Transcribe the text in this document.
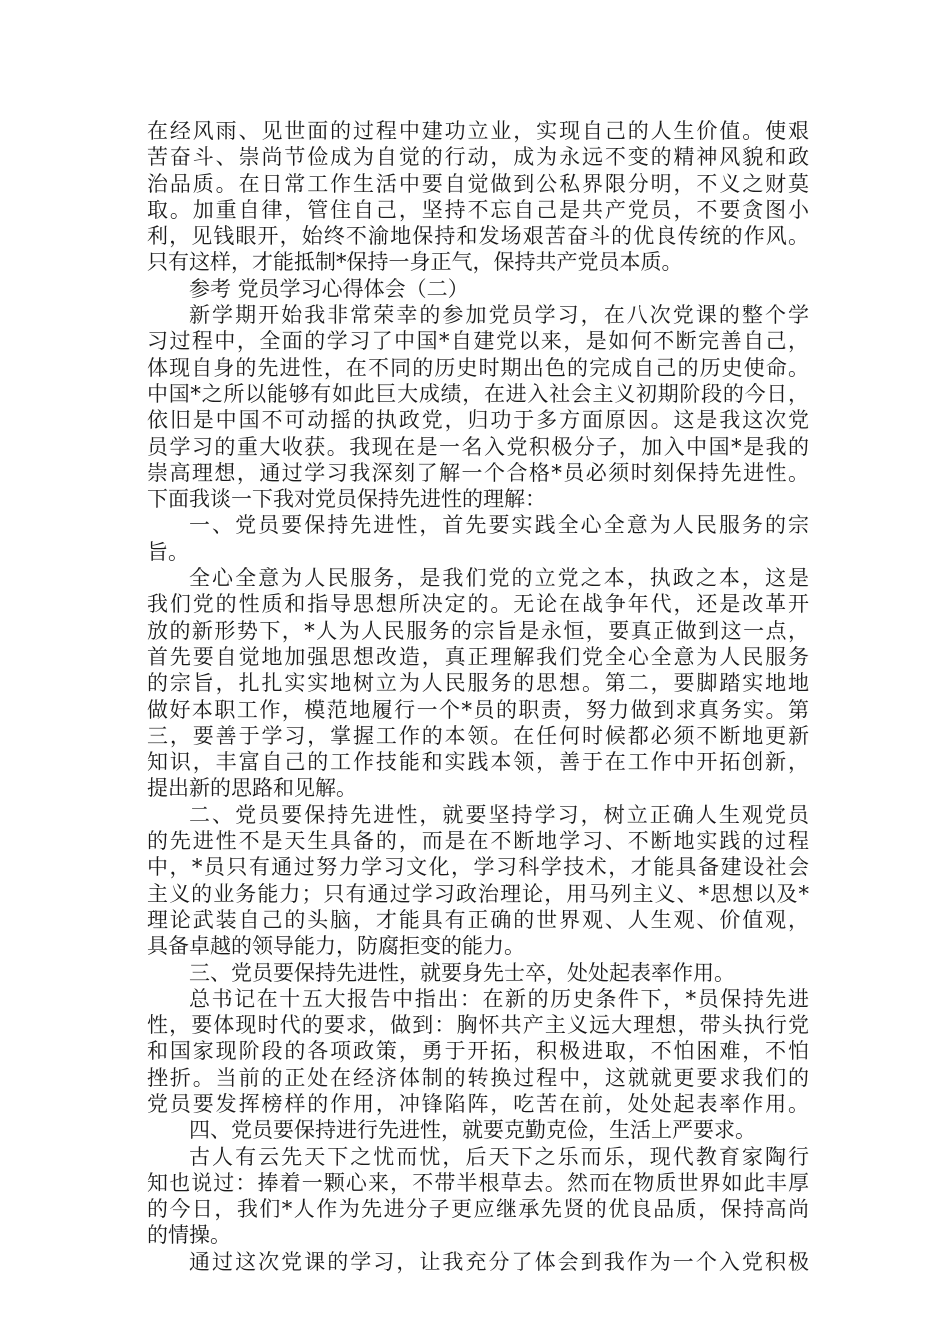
在经风雨、见世面的过程中建功立业，实现自己的人生价值。使艰
苦奋斗、崇尚节俭成为自觉的行动，成为永远不变的精神风貌和政
治品质。在日常工作生活中要自觉做到公私界限分明，不义之财莫
取。加重自律，管住自己，坚持不忘自己是共产党员，不要贪图小
利，见钱眼开，始终不渝地保持和发场艰苦奋斗的优良传统的作风。
只有这样，才能抵制*保持一身正气，保持共产党员本质。
参考 党员学习心得体会（二）
新学期开始我非常荣幸的参加党员学习，在八次党课的整个学
习过程中，全面的学习了中国*自建党以来，是如何不断完善自己，
体现自身的先进性，在不同的历史时期出色的完成自己的历史使命。
中国*之所以能够有如此巨大成绩，在进入社会主义初期阶段的今日，
依旧是中国不可动摇的执政党，归功于多方面原因。这是我这次党
员学习的重大收获。我现在是一名入党积极分子，加入中国*是我的
崇高理想，通过学习我深刻了解一个合格*员必须时刻保持先进性。
下面我谈一下我对党员保持先进性的理解：
一、党员要保持先进性，首先要实践全心全意为人民服务的宗
旨。
全心全意为人民服务，是我们党的立党之本，执政之本，这是
我们党的性质和指导思想所决定的。无论在战争年代，还是改革开
放的新形势下，*人为人民服务的宗旨是永恒，要真正做到这一点，
首先要自觉地加强思想改造，真正理解我们党全心全意为人民服务
的宗旨，扎扎实实地树立为人民服务的思想。第二，要脚踏实地地
做好本职工作，模范地履行一个*员的职责，努力做到求真务实。第
三，要善于学习，掌握工作的本领。在任何时候都必须不断地更新
知识，丰富自己的工作技能和实践本领，善于在工作中开拓创新，
提出新的思路和见解。
二、党员要保持先进性，就要坚持学习，树立正确人生观党员
的先进性不是天生具备的，而是在不断地学习、不断地实践的过程
中，*员只有通过努力学习文化，学习科学技术，才能具备建设社会
主义的业务能力；只有通过学习政治理论，用马列主义、*思想以及*
理论武装自己的头脑，才能具有正确的世界观、人生观、价值观，
具备卓越的领导能力，防腐拒变的能力。
三、党员要保持先进性，就要身先士卒，处处起表率作用。
总书记在十五大报告中指出：在新的历史条件下，*员保持先进
性，要体现时代的要求，做到：胸怀共产主义远大理想，带头执行党
和国家现阶段的各项政策，勇于开拓，积极进取，不怕困难，不怕
挫折。当前的正处在经济体制的转换过程中，这就就更要求我们的
党员要发挥榜样的作用，冲锋陷阵，吃苦在前，处处起表率作用。
四、党员要保持进行先进性，就要克勤克俭，生活上严要求。
古人有云先天下之忧而忧，后天下之乐而乐，现代教育家陶行
知也说过：捧着一颗心来，不带半根草去。然而在物质世界如此丰厚
的今日，我们*人作为先进分子更应继承先贤的优良品质，保持高尚
的情操。
通过这次党课的学习，让我充分了体会到我作为一个入党积极
